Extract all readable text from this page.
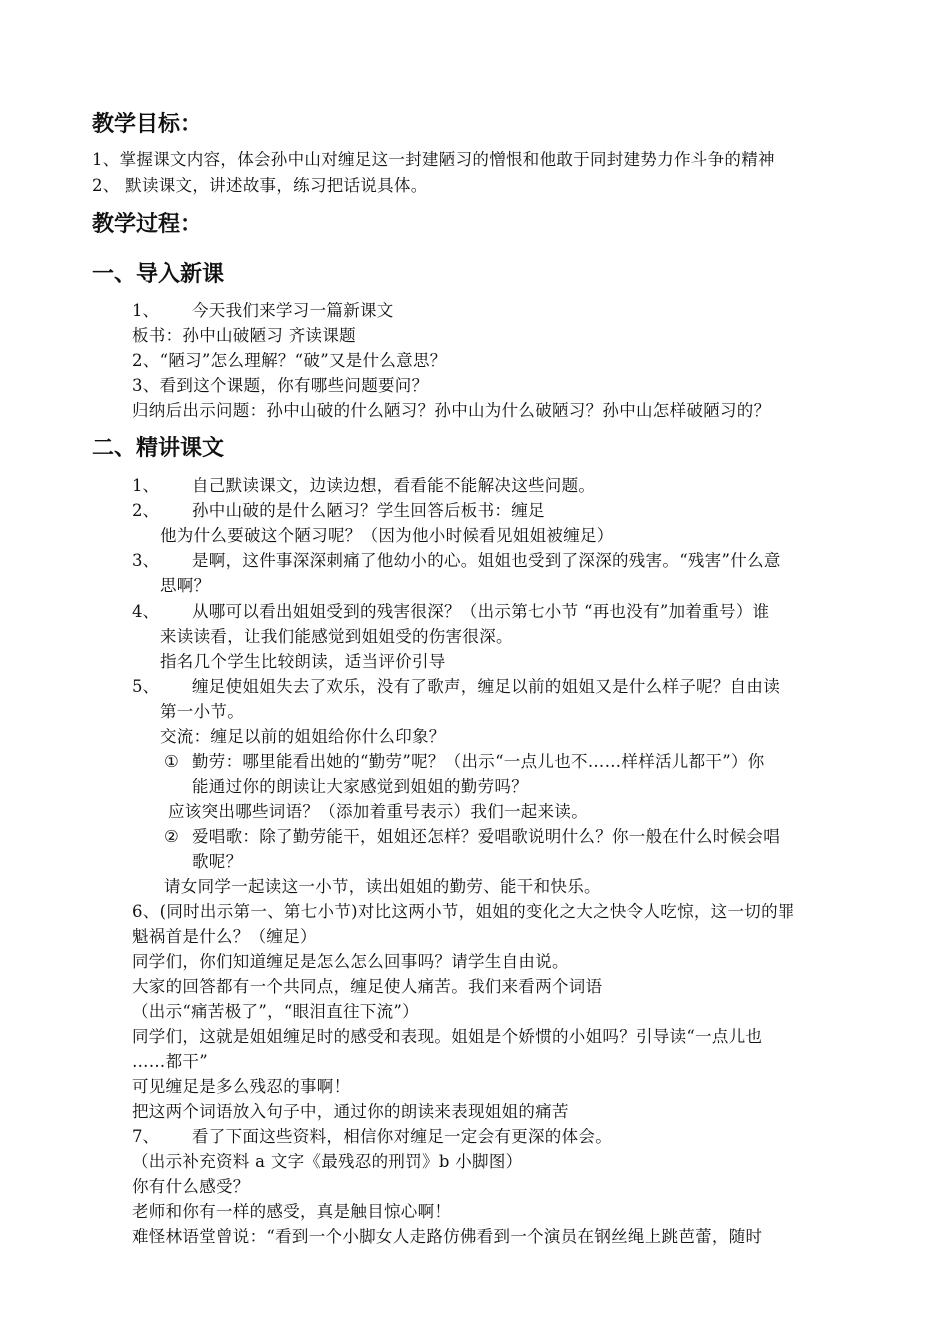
教学目标：
1、掌握课文内容，体会孙中山对缠足这一封建陋习的憎恨和他敢于同封建势力作斗争的精神
2、 默读课文，讲述故事，练习把话说具体。
教学过程：
一、导入新课
1、 今天我们来学习一篇新课文
板书：孙中山破陋习 齐读课题
2、“陋习”怎么理解？“破”又是什么意思？
3、看到这个课题，你有哪些问题要问？
归纳后出示问题：孙中山破的什么陋习？孙中山为什么破陋习？孙中山怎样破陋习的？
二、精讲课文
1、 自己默读课文，边读边想，看看能不能解决这些问题。
2、 孙中山破的是什么陋习？学生回答后板书：缠足
他为什么要破这个陋习呢？（因为他小时候看见姐姐被缠足）
3、 是啊，这件事深深刺痛了他幼小的心。姐姐也受到了深深的残害。“残害”什么意
思啊？
4、 从哪可以看出姐姐受到的残害很深？（出示第七小节 “再也没有”加着重号）谁
来读读看，让我们能感觉到姐姐受的伤害很深。
指名几个学生比较朗读，适当评价引导
5、 缠足使姐姐失去了欢乐，没有了歌声，缠足以前的姐姐又是什么样子呢？自由读
第一小节。
交流：缠足以前的姐姐给你什么印象？
① 勤劳：哪里能看出她的“勤劳”呢？（出示“一点儿也不……样样活儿都干”）你
能通过你的朗读让大家感觉到姐姐的勤劳吗？
应该突出哪些词语？（添加着重号表示）我们一起来读。
② 爱唱歌：除了勤劳能干，姐姐还怎样？爱唱歌说明什么？你一般在什么时候会唱
歌呢？
请女同学一起读这一小节，读出姐姐的勤劳、能干和快乐。
6、(同时出示第一、第七小节)对比这两小节，姐姐的变化之大之快令人吃惊，这一切的罪
魁祸首是什么？（缠足）
同学们，你们知道缠足是怎么怎么回事吗？请学生自由说。
大家的回答都有一个共同点，缠足使人痛苦。我们来看两个词语
（出示“痛苦极了”，“眼泪直往下流”）
同学们，这就是姐姐缠足时的感受和表现。姐姐是个娇惯的小姐吗？引导读“一点儿也
……都干”
可见缠足是多么残忍的事啊！
把这两个词语放入句子中，通过你的朗读来表现姐姐的痛苦
7、 看了下面这些资料，相信你对缠足一定会有更深的体会。
（出示补充资料 a 文字《最残忍的刑罚》b 小脚图）
你有什么感受？
老师和你有一样的感受，真是触目惊心啊！
难怪林语堂曾说：“看到一个小脚女人走路仿佛看到一个演员在钢丝绳上跳芭蕾，随时
